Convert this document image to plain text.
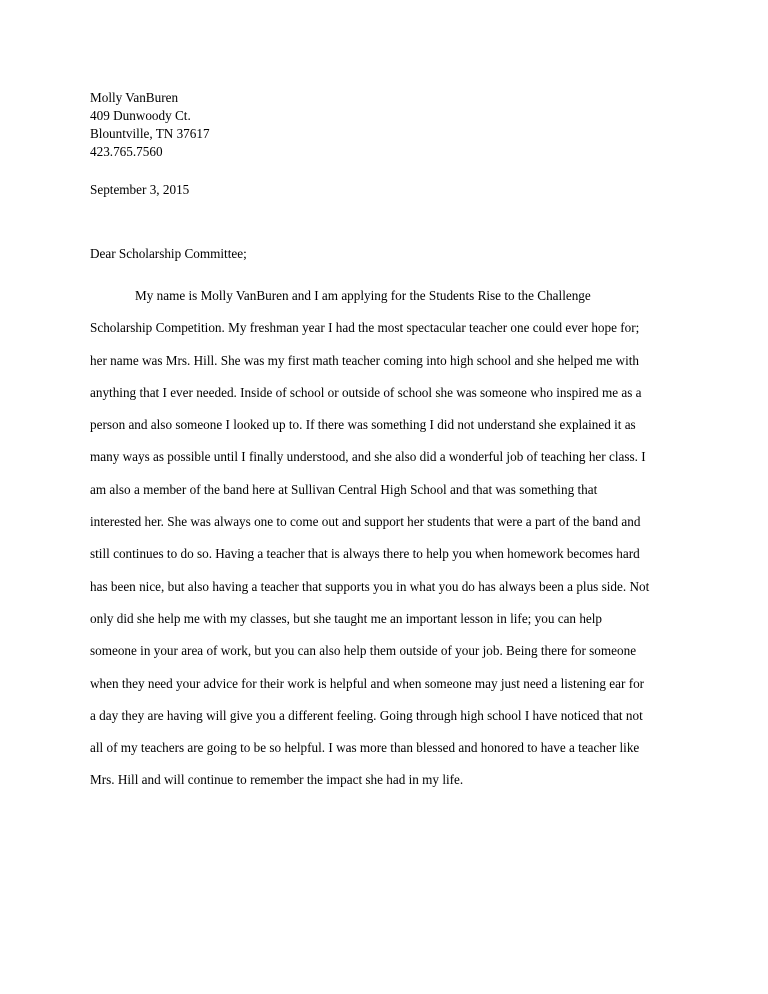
Molly VanBuren
409 Dunwoody Ct.
Blountville, TN 37617
423.765.7560
September 3, 2015
Dear Scholarship Committee;
My name is Molly VanBuren and I am applying for the Students Rise to the Challenge
Scholarship Competition. My freshman year I had the most spectacular teacher one could ever hope for;
her name was Mrs. Hill. She was my first math teacher coming into high school and she helped me with
anything that I ever needed. Inside of school or outside of school she was someone who inspired me as a
person and also someone I looked up to. If there was something I did not understand she explained it as
many ways as possible until I finally understood, and she also did a wonderful job of teaching her class. I
am also a member of the band here at Sullivan Central High School and that was something that
interested her. She was always one to come out and support her students that were a part of the band and
still continues to do so. Having a teacher that is always there to help you when homework becomes hard
has been nice, but also having a teacher that supports you in what you do has always been a plus side. Not
only did she help me with my classes, but she taught me an important lesson in life; you can help
someone in your area of work, but you can also help them outside of your job. Being there for someone
when they need your advice for their work is helpful and when someone may just need a listening ear for
a day they are having will give you a different feeling. Going through high school I have noticed that not
all of my teachers are going to be so helpful. I was more than blessed and honored to have a teacher like
Mrs. Hill and will continue to remember the impact she had in my life.
